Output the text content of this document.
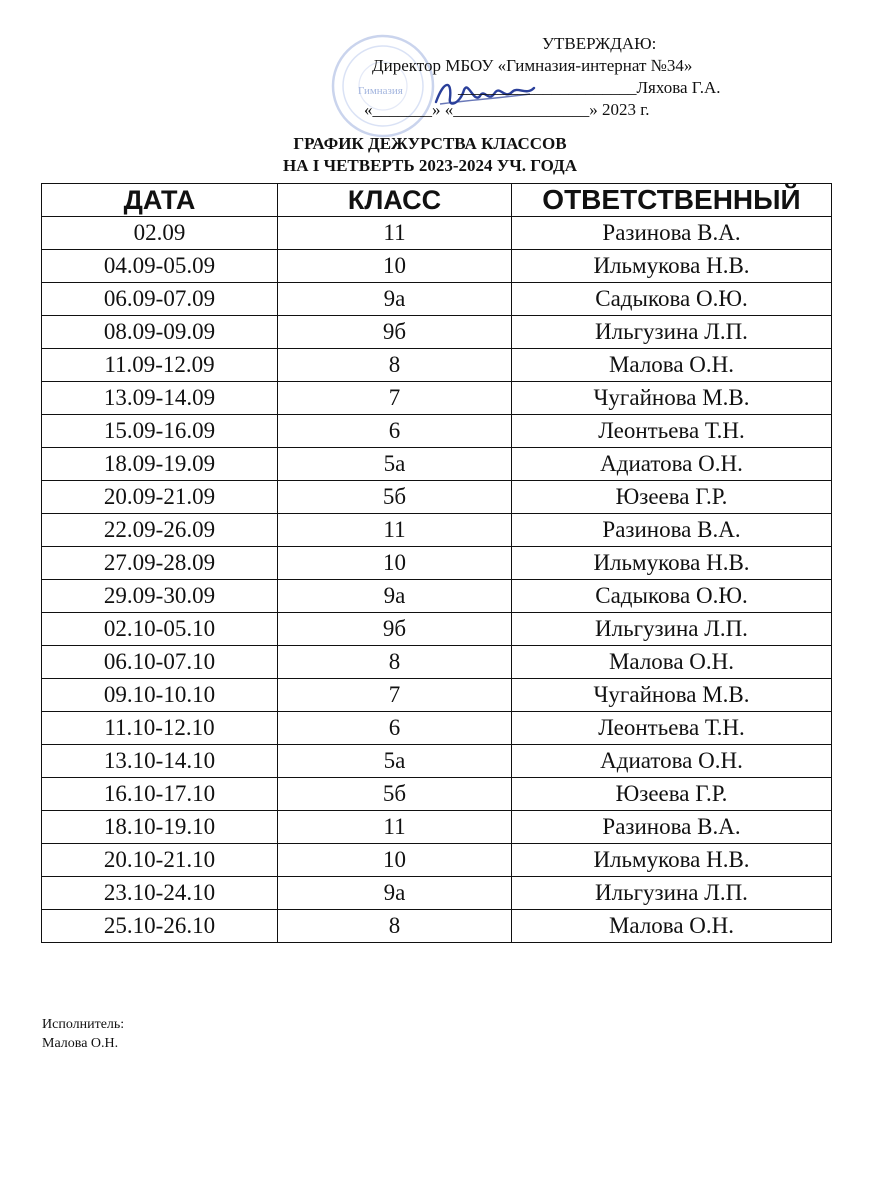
Гимназия
УТВЕРЖДАЮ:
Директор МБОУ «Гимназия-интернат №34»
_____________________Ляхова Г.А.
«_______» «________________» 2023 г.
ГРАФИК ДЕЖУРСТВА КЛАССОВ
НА I ЧЕТВЕРТЬ 2023-2024 УЧ. ГОДА
ДАТА	КЛАСС	ОТВЕТСТВЕННЫЙ
02.09	11	Разинова В.А.
04.09-05.09	10	Ильмукова Н.В.
06.09-07.09	9а	Садыкова О.Ю.
08.09-09.09	9б	Ильгузина Л.П.
11.09-12.09	8	Малова О.Н.
13.09-14.09	7	Чугайнова М.В.
15.09-16.09	6	Леонтьева Т.Н.
18.09-19.09	5а	Адиатова О.Н.
20.09-21.09	5б	Юзеева Г.Р.
22.09-26.09	11	Разинова В.А.
27.09-28.09	10	Ильмукова Н.В.
29.09-30.09	9а	Садыкова О.Ю.
02.10-05.10	9б	Ильгузина Л.П.
06.10-07.10	8	Малова О.Н.
09.10-10.10	7	Чугайнова М.В.
11.10-12.10	6	Леонтьева Т.Н.
13.10-14.10	5а	Адиатова О.Н.
16.10-17.10	5б	Юзеева Г.Р.
18.10-19.10	11	Разинова В.А.
20.10-21.10	10	Ильмукова Н.В.
23.10-24.10	9а	Ильгузина Л.П.
25.10-26.10	8	Малова О.Н.
Исполнитель:
Малова О.Н.
